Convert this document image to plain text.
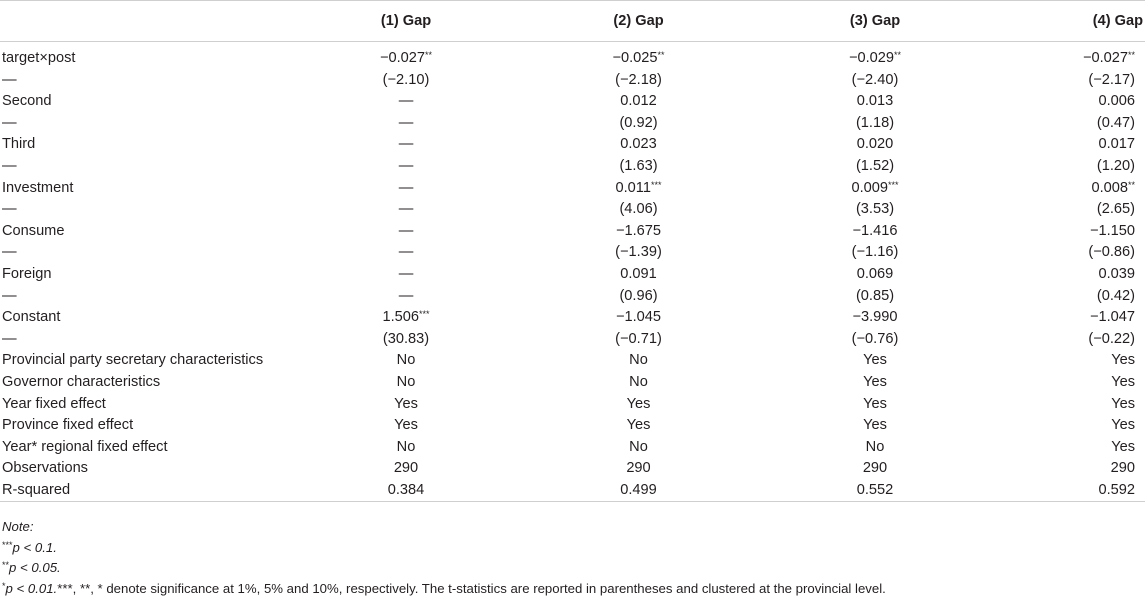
	(1) Gap	(2) Gap	(3) Gap	(4) Gap
target×post	−0.027**	−0.025**	−0.029**	−0.027**
—	(−2.10)	(−2.18)	(−2.40)	(−2.17)
Second	—	0.012	0.013	0.006
—	—	(0.92)	(1.18)	(0.47)
Third	—	0.023	0.020	0.017
—	—	(1.63)	(1.52)	(1.20)
Investment	—	0.011***	0.009***	0.008**
—	—	(4.06)	(3.53)	(2.65)
Consume	—	−1.675	−1.416	−1.150
—	—	(−1.39)	(−1.16)	(−0.86)
Foreign	—	0.091	0.069	0.039
—	—	(0.96)	(0.85)	(0.42)
Constant	1.506***	−1.045	−3.990	−1.047
—	(30.83)	(−0.71)	(−0.76)	(−0.22)
Provincial party secretary characteristics	No	No	Yes	Yes
Governor characteristics	No	No	Yes	Yes
Year fixed effect	Yes	Yes	Yes	Yes
Province fixed effect	Yes	Yes	Yes	Yes
Year* regional fixed effect	No	No	No	Yes
Observations	290	290	290	290
R-squared	0.384	0.499	0.552	0.592
Note:
***p < 0.1.
**p < 0.05.
*p < 0.01.***, **, * denote significance at 1%, 5% and 10%, respectively. The t-statistics are reported in parentheses and clustered at the provincial level.
